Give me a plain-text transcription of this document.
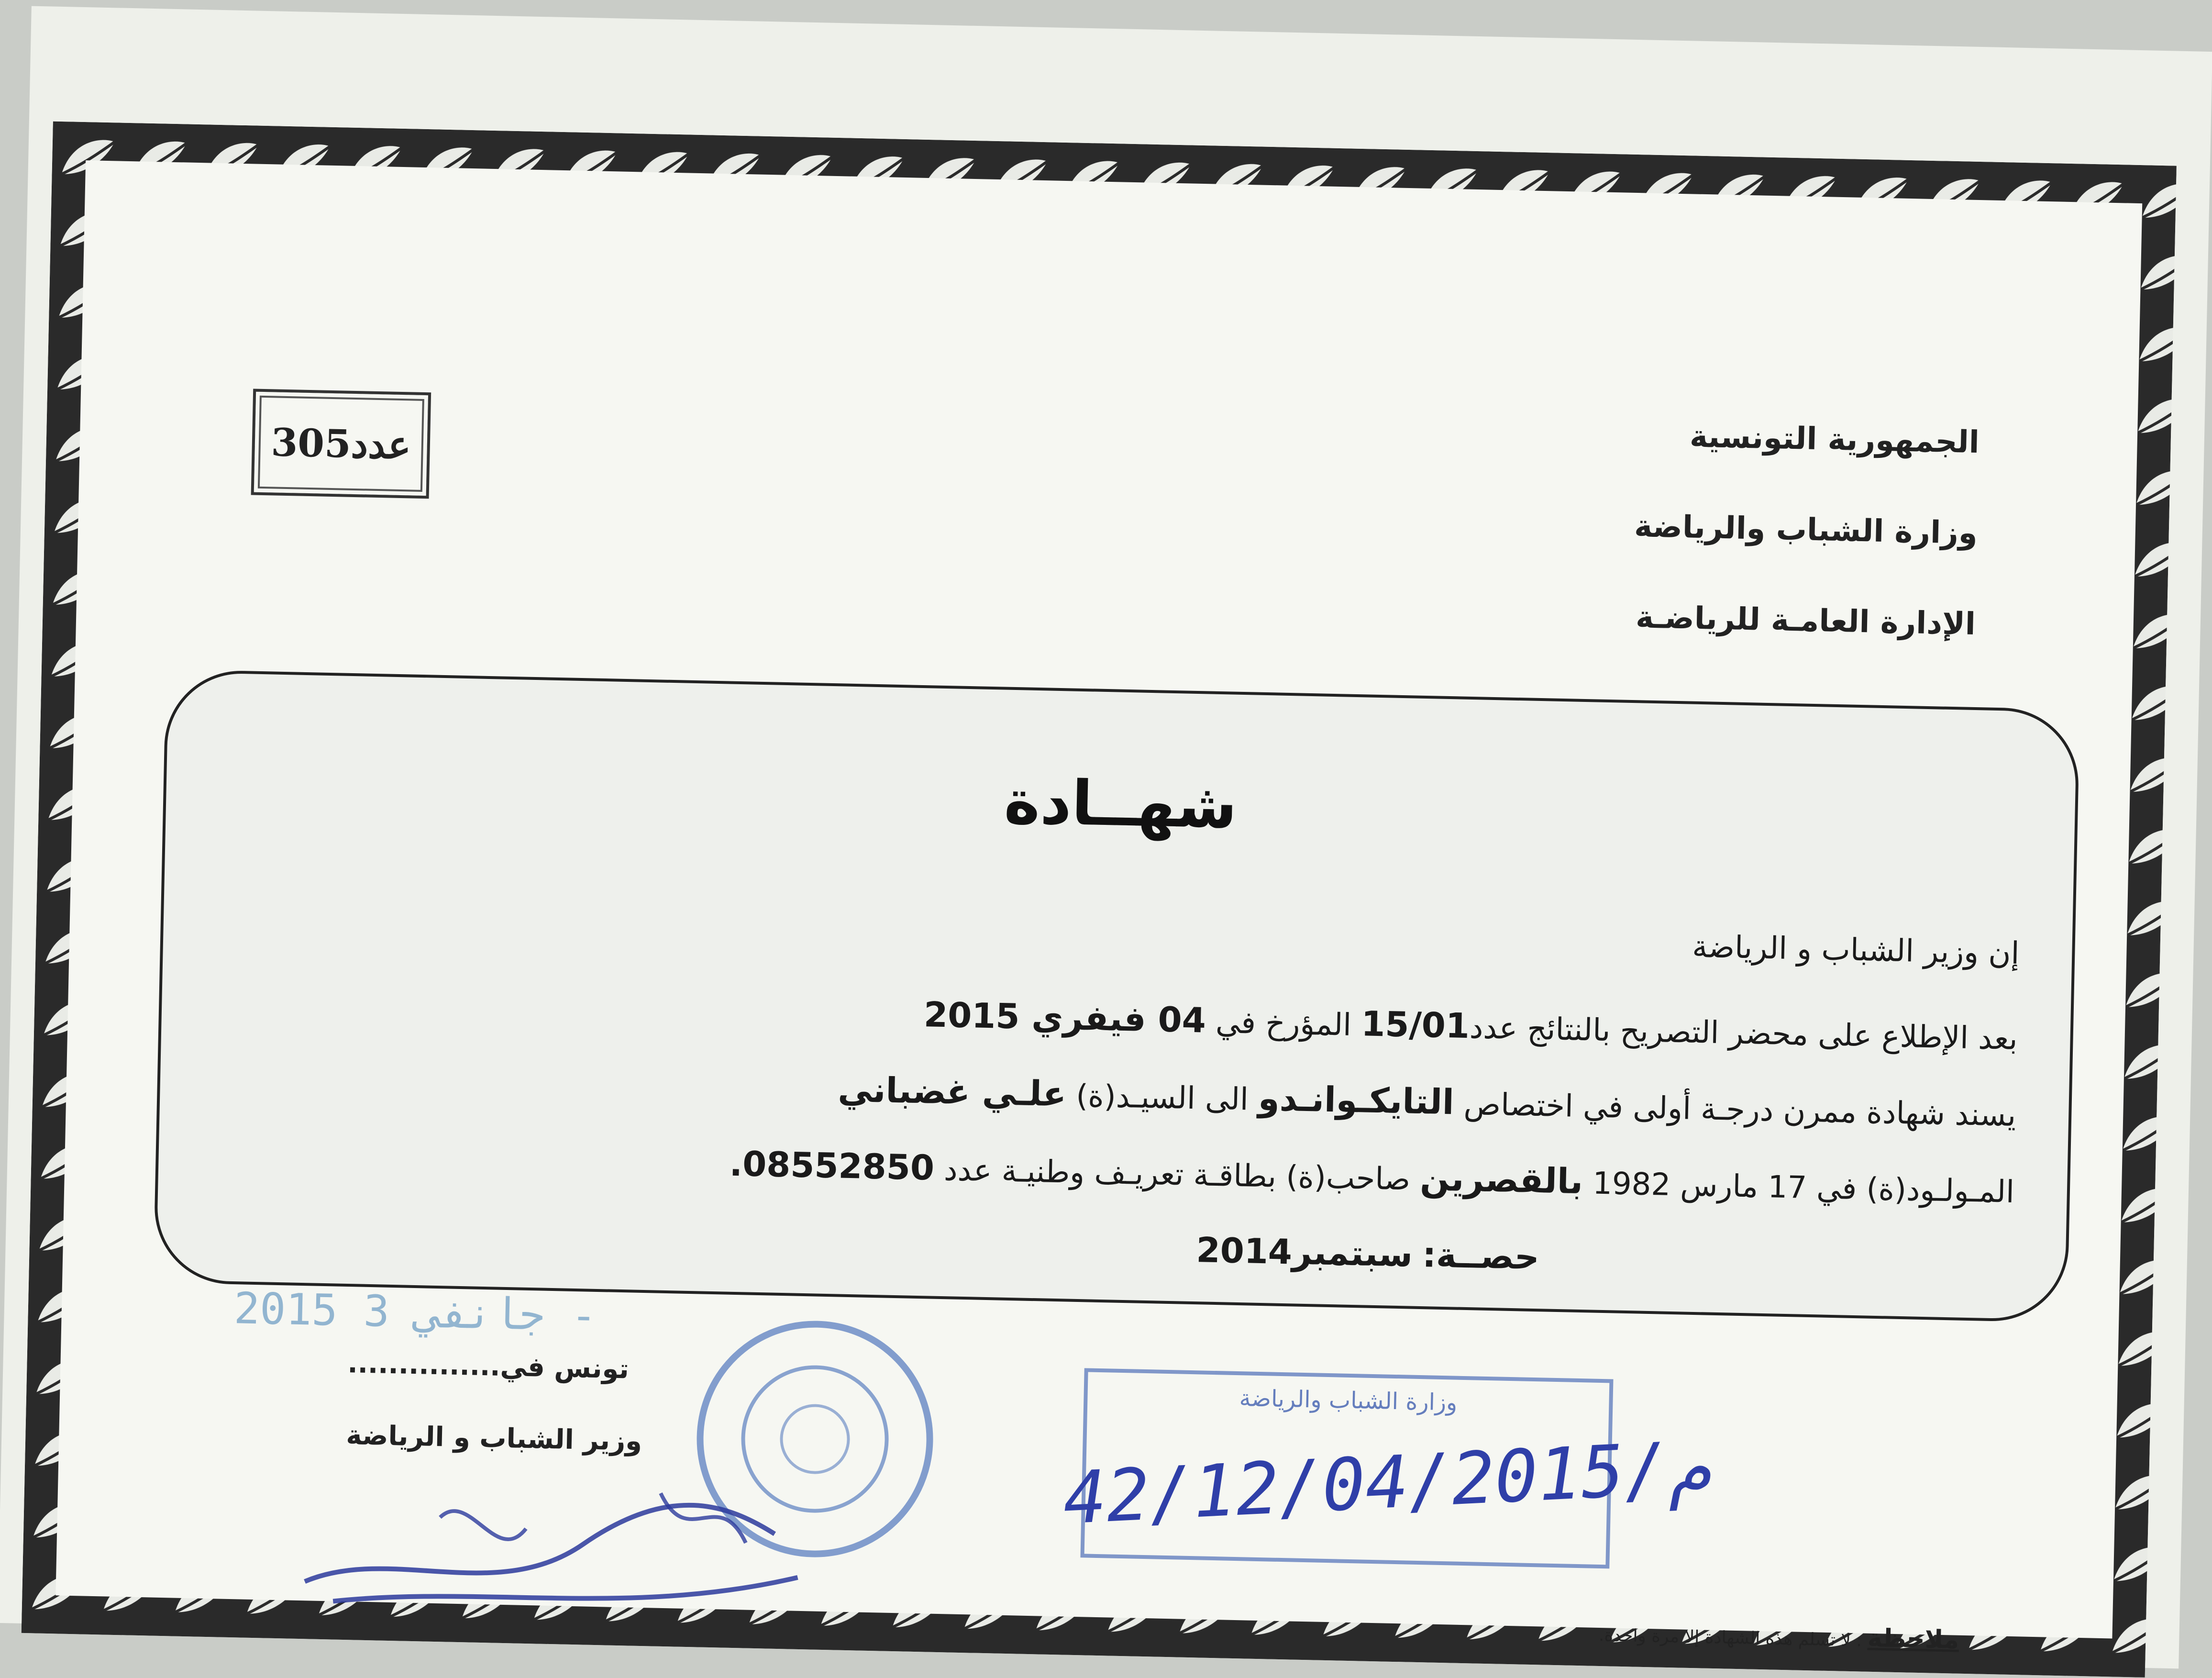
عدد305	الجمهورية التونسية
وزارة الشباب والرياضة
الإدارة العامـة للرياضـة
شهــادة
إن وزير الشباب و الرياضة
بعد الإطلاع على محضر التصريح بالنتائج عدد15/01 المؤرخ في 04 فيفري 2015
يسند شهادة ممرن درجـة أولى في اختصاص التايكـوانـدو الى السيـد(ة) علـي غضباني
المـولـود(ة) في 17 مارس 1982 بالقصرين صاحب(ة) بطاقـة تعريـف وطنيـة عدد 08552850.
حصــة: سبتمبر2014
2015 جانفي 3 -
تونس في...............
وزير الشباب و الرياضة
وزارة الشباب والرياضة
42/12/04/2015/م
ملاحظة : لا تسلم هذه الشهادة إلا مرة واحدة.
